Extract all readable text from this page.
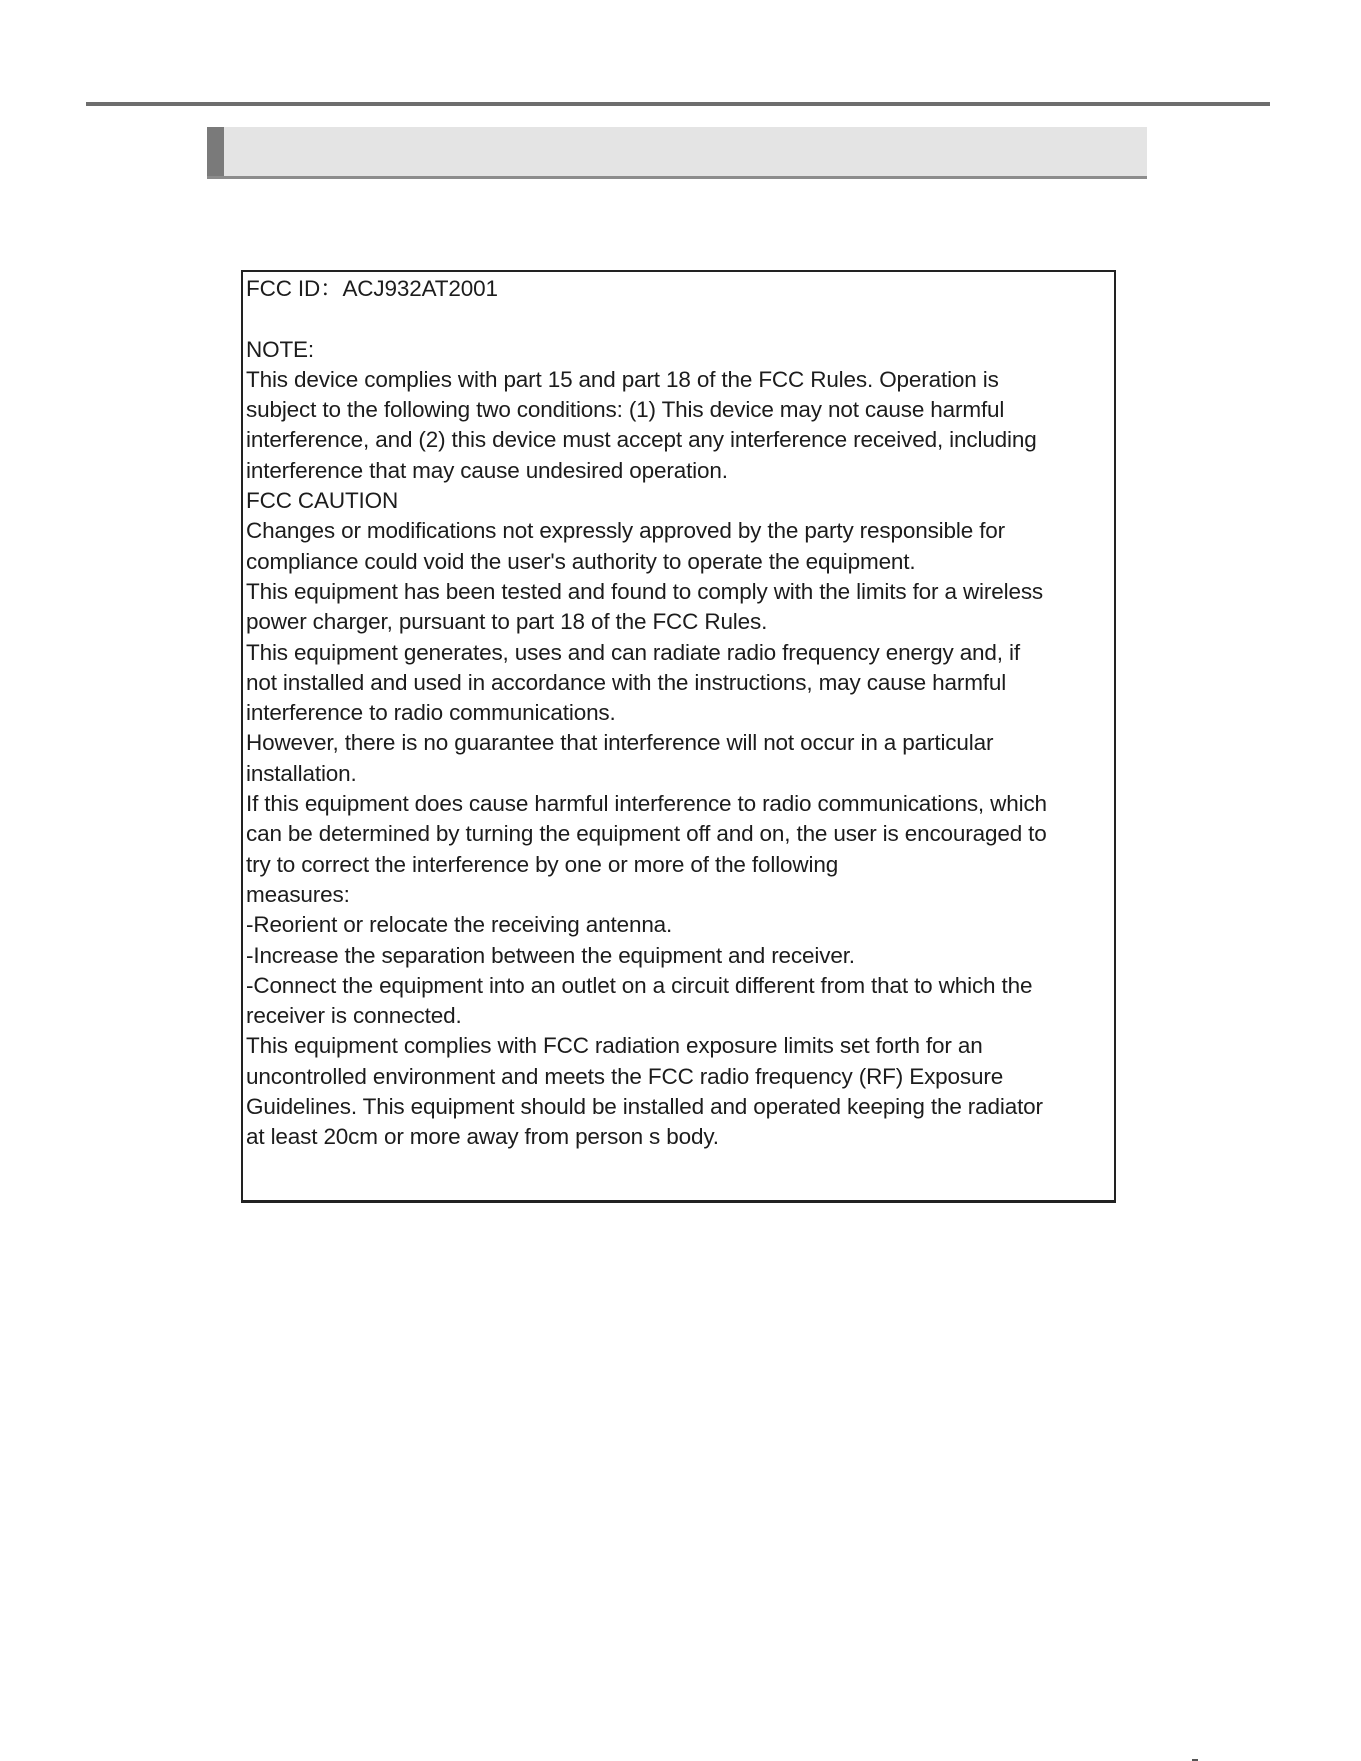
FCC ID：ACJ932AT2001
NOTE:
This device complies with part 15 and part 18 of the FCC Rules. Operation is
subject to the following two conditions: (1) This device may not cause harmful
interference, and (2) this device must accept any interference received, including
interference that may cause undesired operation.
FCC CAUTION
Changes or modifications not expressly approved by the party responsible for
compliance could void the user's authority to operate the equipment.
This equipment has been tested and found to comply with the limits for a wireless
power charger, pursuant to part 18 of the FCC Rules.
This equipment generates, uses and can radiate radio frequency energy and, if
not installed and used in accordance with the instructions, may cause harmful
interference to radio communications.
However, there is no guarantee that interference will not occur in a particular
installation.
If this equipment does cause harmful interference to radio communications, which
can be determined by turning the equipment off and on, the user is encouraged to
try to correct the interference by one or more of the following
measures:
-Reorient or relocate the receiving antenna.
-Increase the separation between the equipment and receiver.
-Connect the equipment into an outlet on a circuit different from that to which the
receiver is connected.
This equipment complies with FCC radiation exposure limits set forth for an
uncontrolled environment and meets the FCC radio frequency (RF) Exposure
Guidelines. This equipment should be installed and operated keeping the radiator
at least 20cm or more away from person s body.
